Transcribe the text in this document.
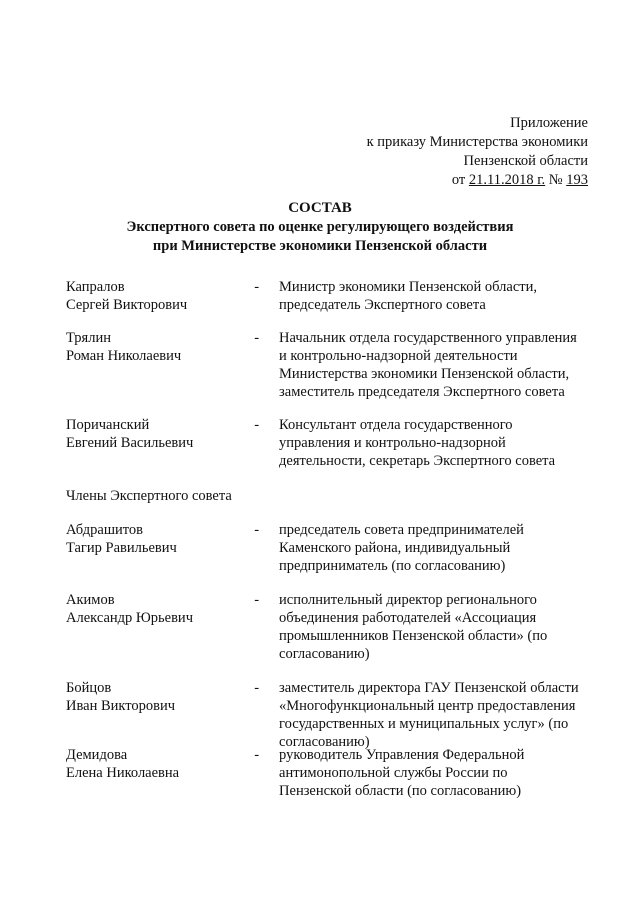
Приложение
к приказу Министерства экономики
Пензенской области
от 21.11.2018 г. № 193
СОСТАВ
Экспертного совета по оценке регулирующего воздействия
при Министерстве экономики Пензенской области
Капралов
Сергей Викторович
-	Министр экономики Пензенской области,
председатель Экспертного совета
Трялин
Роман Николаевич
-	Начальник отдела государственного управления
и контрольно-надзорной деятельности
Министерства экономики Пензенской области,
заместитель председателя Экспертного совета
Поричанский
Евгений Васильевич
-	Консультант отдела государственного
управления и контрольно-надзорной
деятельности, секретарь Экспертного совета
Члены Экспертного совета
Абдрашитов
Тагир Равильевич
-	председатель совета предпринимателей
Каменского района, индивидуальный
предприниматель (по согласованию)
Акимов
Александр Юрьевич
-	исполнительный директор регионального
объединения работодателей «Ассоциация
промышленников Пензенской области» (по
согласованию)
Бойцов
Иван Викторович
-	заместитель директора ГАУ Пензенской области
«Многофункциональный центр предоставления
государственных и муниципальных услуг» (по
согласованию)
Демидова
Елена Николаевна
-	руководитель Управления Федеральной
антимонопольной службы России по
Пензенской области (по согласованию)
